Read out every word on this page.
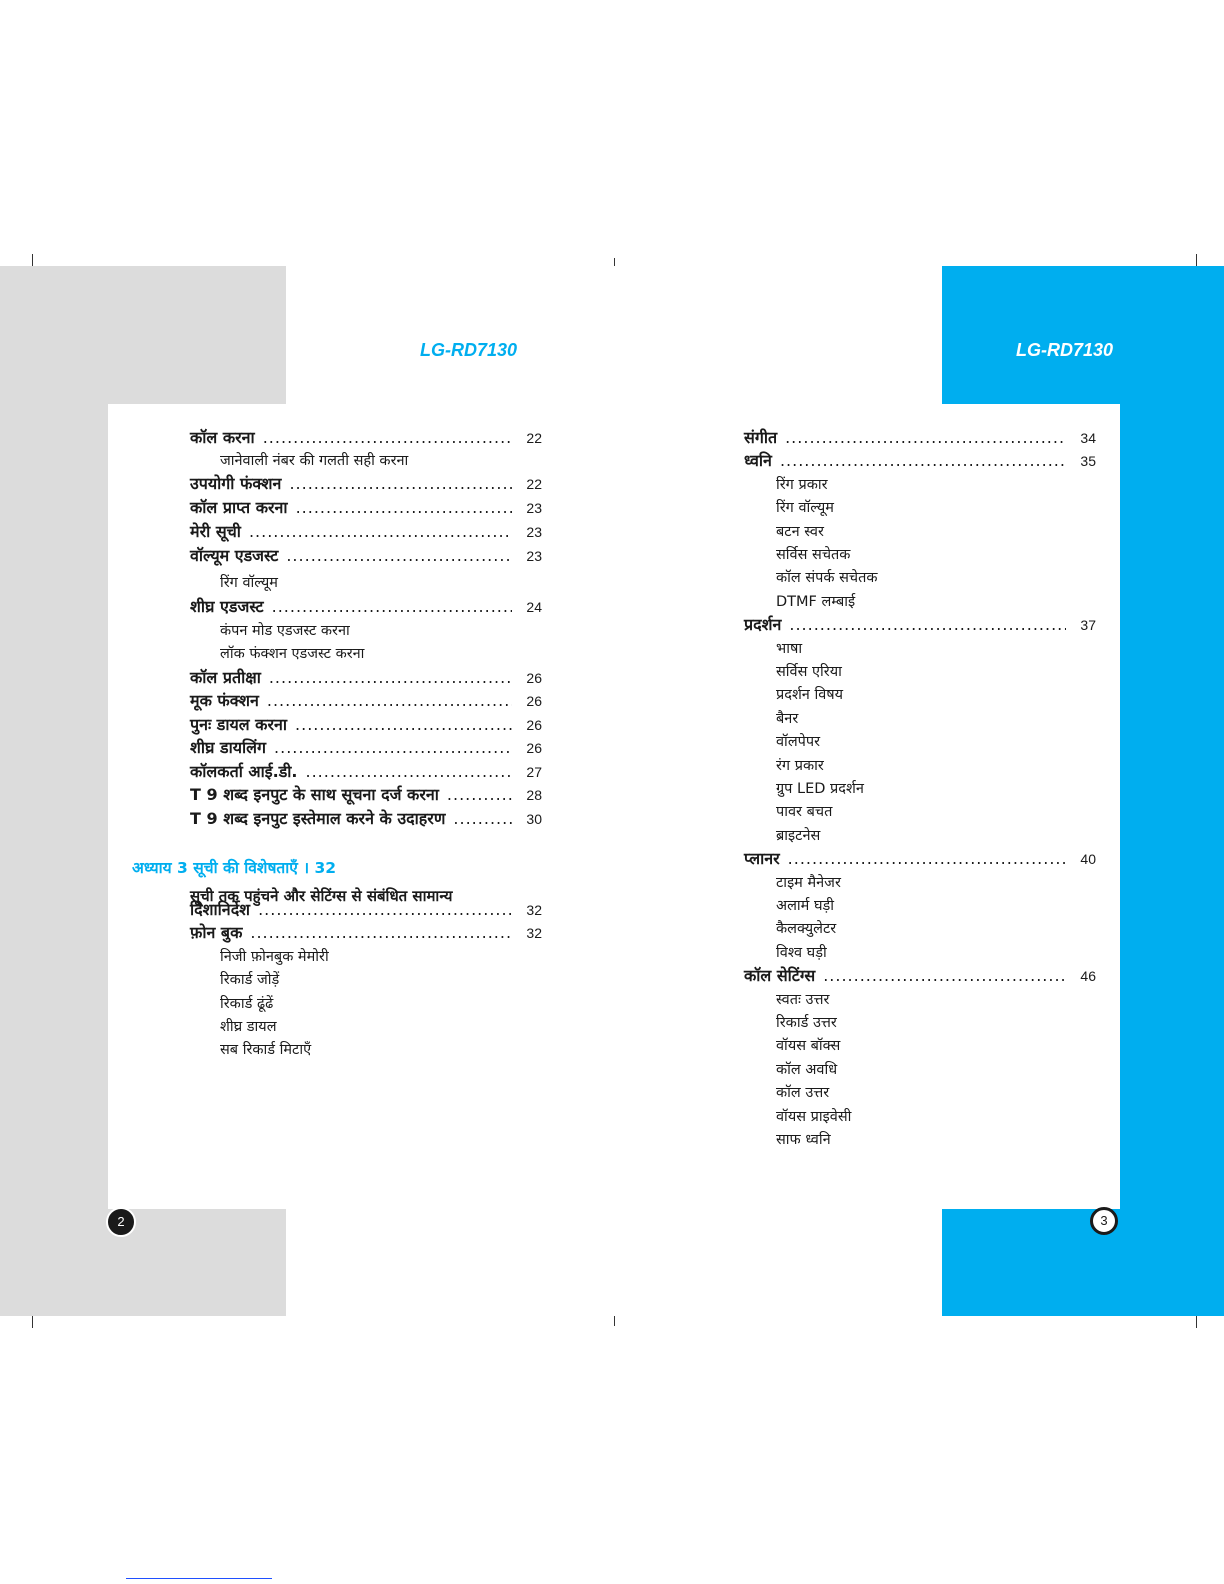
LG-RD7130	LG-RD7130
कॉल करना .....	22
जानेवाली नंबर की गलती सही करना
उपयोगी फंक्शन .....	22
कॉल प्राप्त करना .....	23
मेरी सूची .....	23
वॉल्यूम एडजस्ट .....	23
रिंग वॉल्यूम
शीघ्र एडजस्ट .....	24
कंपन मोड एडजस्ट करना
लॉक फंक्शन एडजस्ट करना
कॉल प्रतीक्षा .....	26
मूक फंक्शन .....	26
पुनः डायल करना .....	26
शीघ्र डायलिंग .....	26
कॉलकर्ता आई.डी. .....	27
T 9 शब्द इनपुट के साथ सूचना दर्ज करना .....	28
T 9 शब्द इनपुट इस्तेमाल करने के उदाहरण .....	30
अध्याय 3 सूची की विशेषताएँ । 32
सूची तक पहुंचने और सेटिंग्स से संबंधित सामान्य
दिशानिर्देश .....	32
फ़ोन बुक .....	32
निजी फ़ोनबुक मेमोरी
रिकार्ड जोड़ें
रिकार्ड ढूंढें
शीघ्र डायल
सब रिकार्ड मिटाएँ
संगीत .....	34
ध्वनि .....	35
रिंग प्रकार
रिंग वॉल्यूम
बटन स्वर
सर्विस सचेतक
कॉल संपर्क सचेतक
DTMF लम्बाई
प्रदर्शन .....	37
भाषा
सर्विस एरिया
प्रदर्शन विषय
बैनर
वॉलपेपर
रंग प्रकार
ग्रुप LED प्रदर्शन
पावर बचत
ब्राइटनेस
प्लानर .....	40
टाइम मैनेजर
अलार्म घड़ी
कैलक्युलेटर
विश्व घड़ी
कॉल सेटिंग्स .....	46
स्वतः उत्तर
रिकार्ड उत्तर
वॉयस बॉक्स
कॉल अवधि
कॉल उत्तर
वॉयस प्राइवेसी
साफ ध्वनि
2	3
